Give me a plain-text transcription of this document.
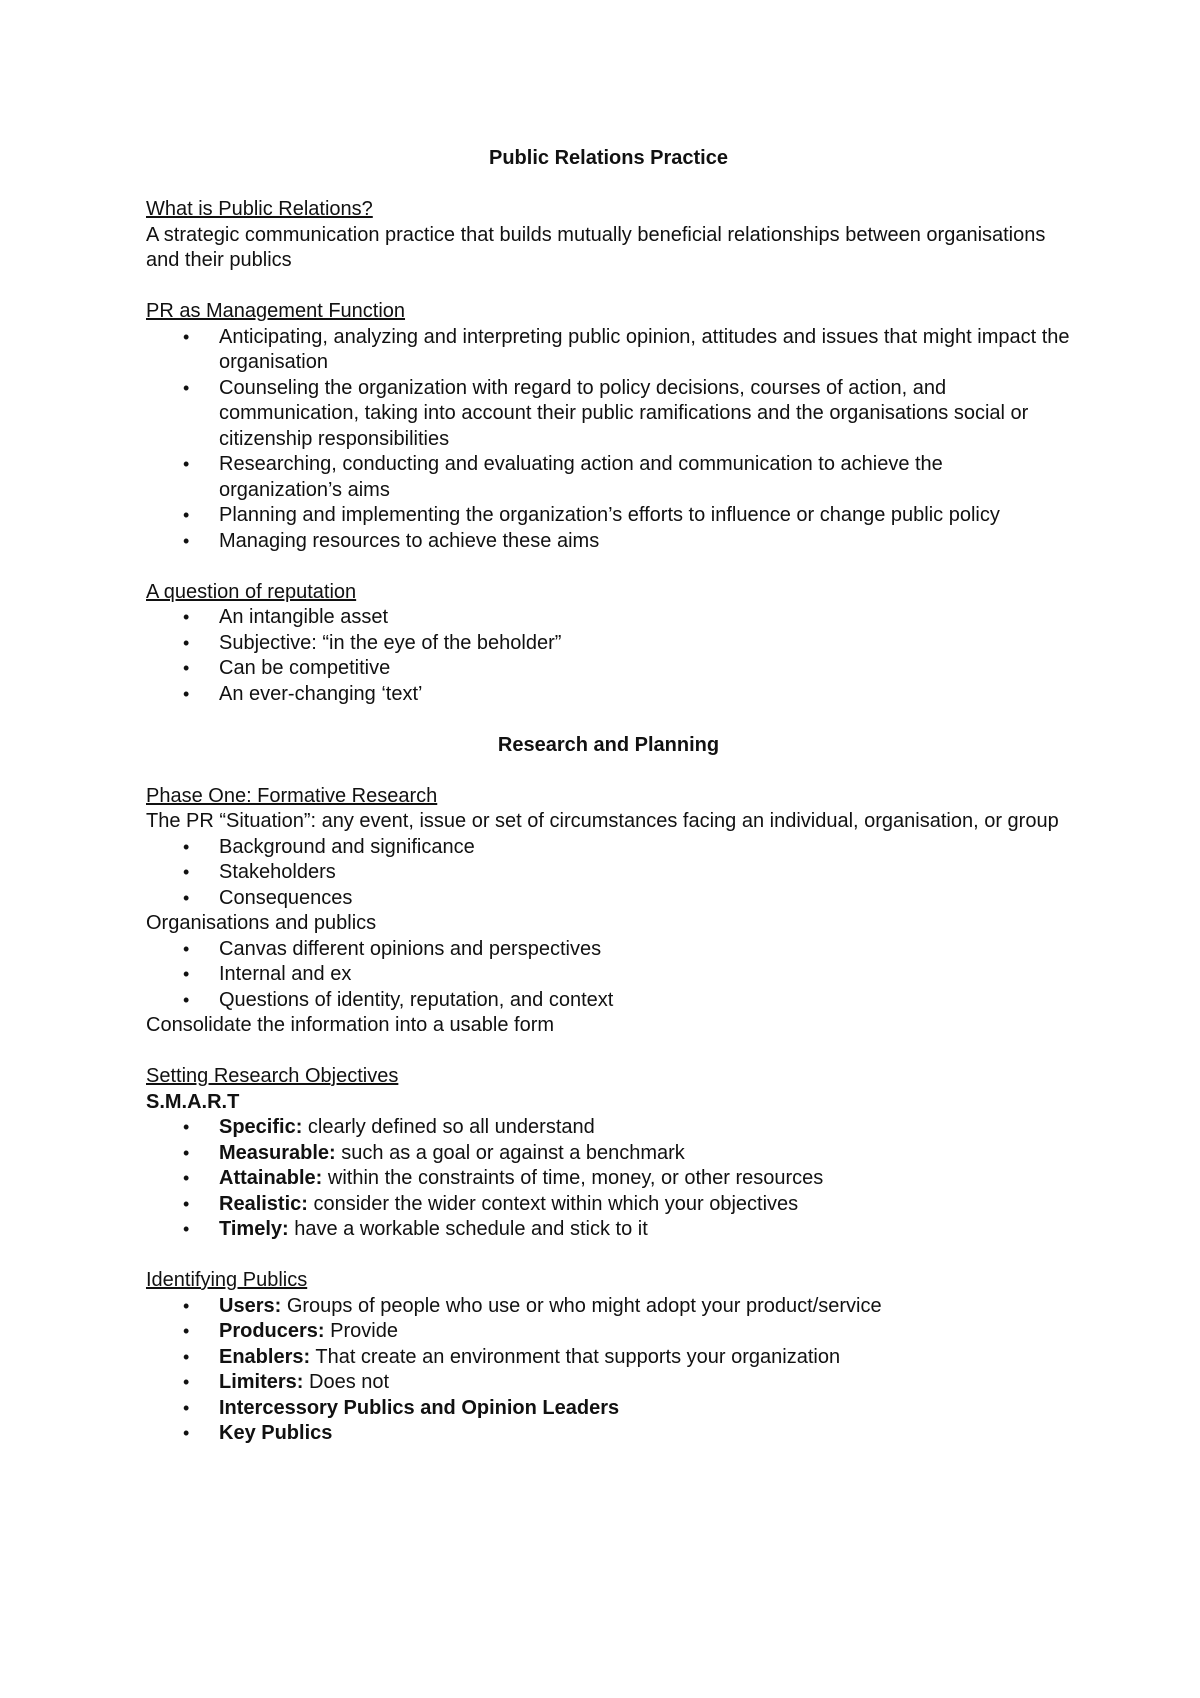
Public Relations Practice
What is Public Relations?
A strategic communication practice that builds mutually beneficial relationships between organisations and their publics
PR as Management Function
• Anticipating, analyzing and interpreting public opinion, attitudes and issues that might impact the organisation
• Counseling the organization with regard to policy decisions, courses of action, and communication, taking into account their public ramifications and the organisations social or citizenship responsibilities
• Researching, conducting and evaluating action and communication to achieve the organization’s aims
• Planning and implementing the organization’s efforts to influence or change public policy
• Managing resources to achieve these aims
A question of reputation
• An intangible asset
• Subjective: “in the eye of the beholder”
• Can be competitive
• An ever-changing ‘text’
Research and Planning
Phase One: Formative Research
The PR “Situation”: any event, issue or set of circumstances facing an individual, organisation, or group
• Background and significance
• Stakeholders
• Consequences
Organisations and publics
• Canvas different opinions and perspectives
• Internal and ex
• Questions of identity, reputation, and context
Consolidate the information into a usable form
Setting Research Objectives
S.M.A.R.T
• Specific: clearly defined so all understand
• Measurable: such as a goal or against a benchmark
• Attainable: within the constraints of time, money, or other resources
• Realistic: consider the wider context within which your objectives
• Timely: have a workable schedule and stick to it
Identifying Publics
• Users: Groups of people who use or who might adopt your product/service
• Producers: Provide
• Enablers: That create an environment that supports your organization
• Limiters: Does not
• Intercessory Publics and Opinion Leaders
• Key Publics
